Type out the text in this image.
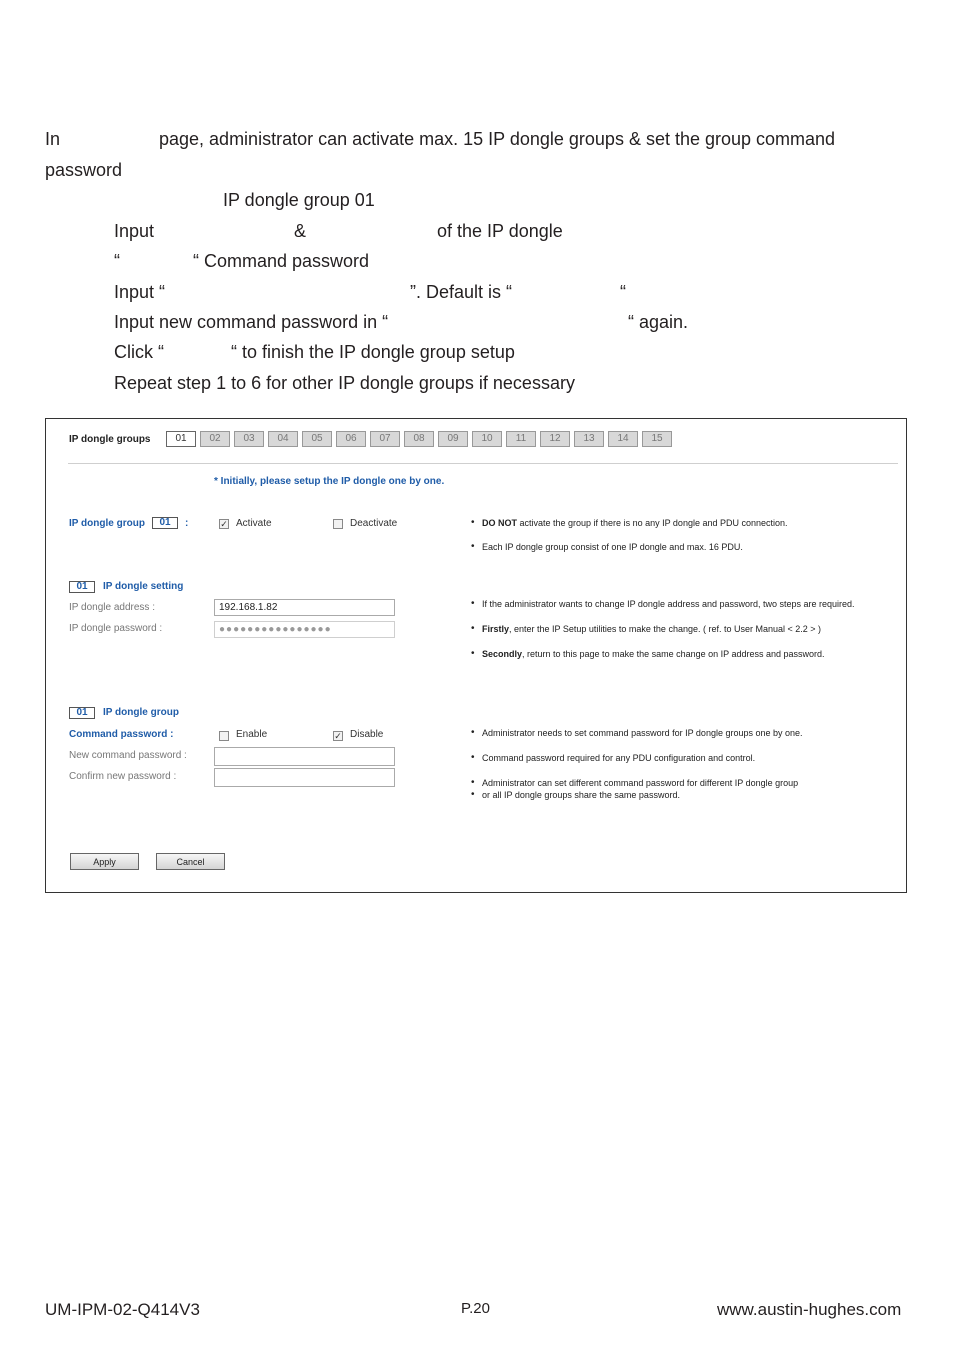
In	page, administrator can activate max. 15 IP dongle groups & set the group command
password
IP dongle group 01
Input	&	of the IP dongle
“	“ Command password
Input “	”. Default is “	“
Input new command password in “	“ again.
Click “	“ to finish the IP dongle group setup
Repeat step 1 to 6 for other IP dongle groups if necessary
IP dongle groups	01	02	03	04	05	06	07	08	09	10	11	12	13	14	15
* Initially, please setup the IP dongle one by one.
IP dongle group	01	:	✓ Activate	Deactivate
•	DO NOT activate the group if there is no any IP dongle and PDU connection.
• Each IP dongle group consist of one IP dongle and max. 16 PDU.
01	IP dongle setting
IP dongle address :
192.168.1.82
IP dongle password :	●●●●●●●●●●●●●●●●
• If the administrator wants to change IP dongle address and password, two steps are required.
• Firstly, enter the IP Setup utilities to make the change. ( ref. to User Manual < 2.2 > )
• Secondly, return to this page to make the same change on IP address and password.
01	IP dongle group
Command password :	Enable	✓ Disable
New command password :
Confirm new password :
• Administrator needs to set command password for IP dongle groups one by one.
• Command password required for any PDU configuration and control.
• Administrator can set different command password for different IP dongle group
• or all IP dongle groups share the same password.
Apply	Cancel
UM-IPM-02-Q414V3	P.20	www.austin-hughes.com
